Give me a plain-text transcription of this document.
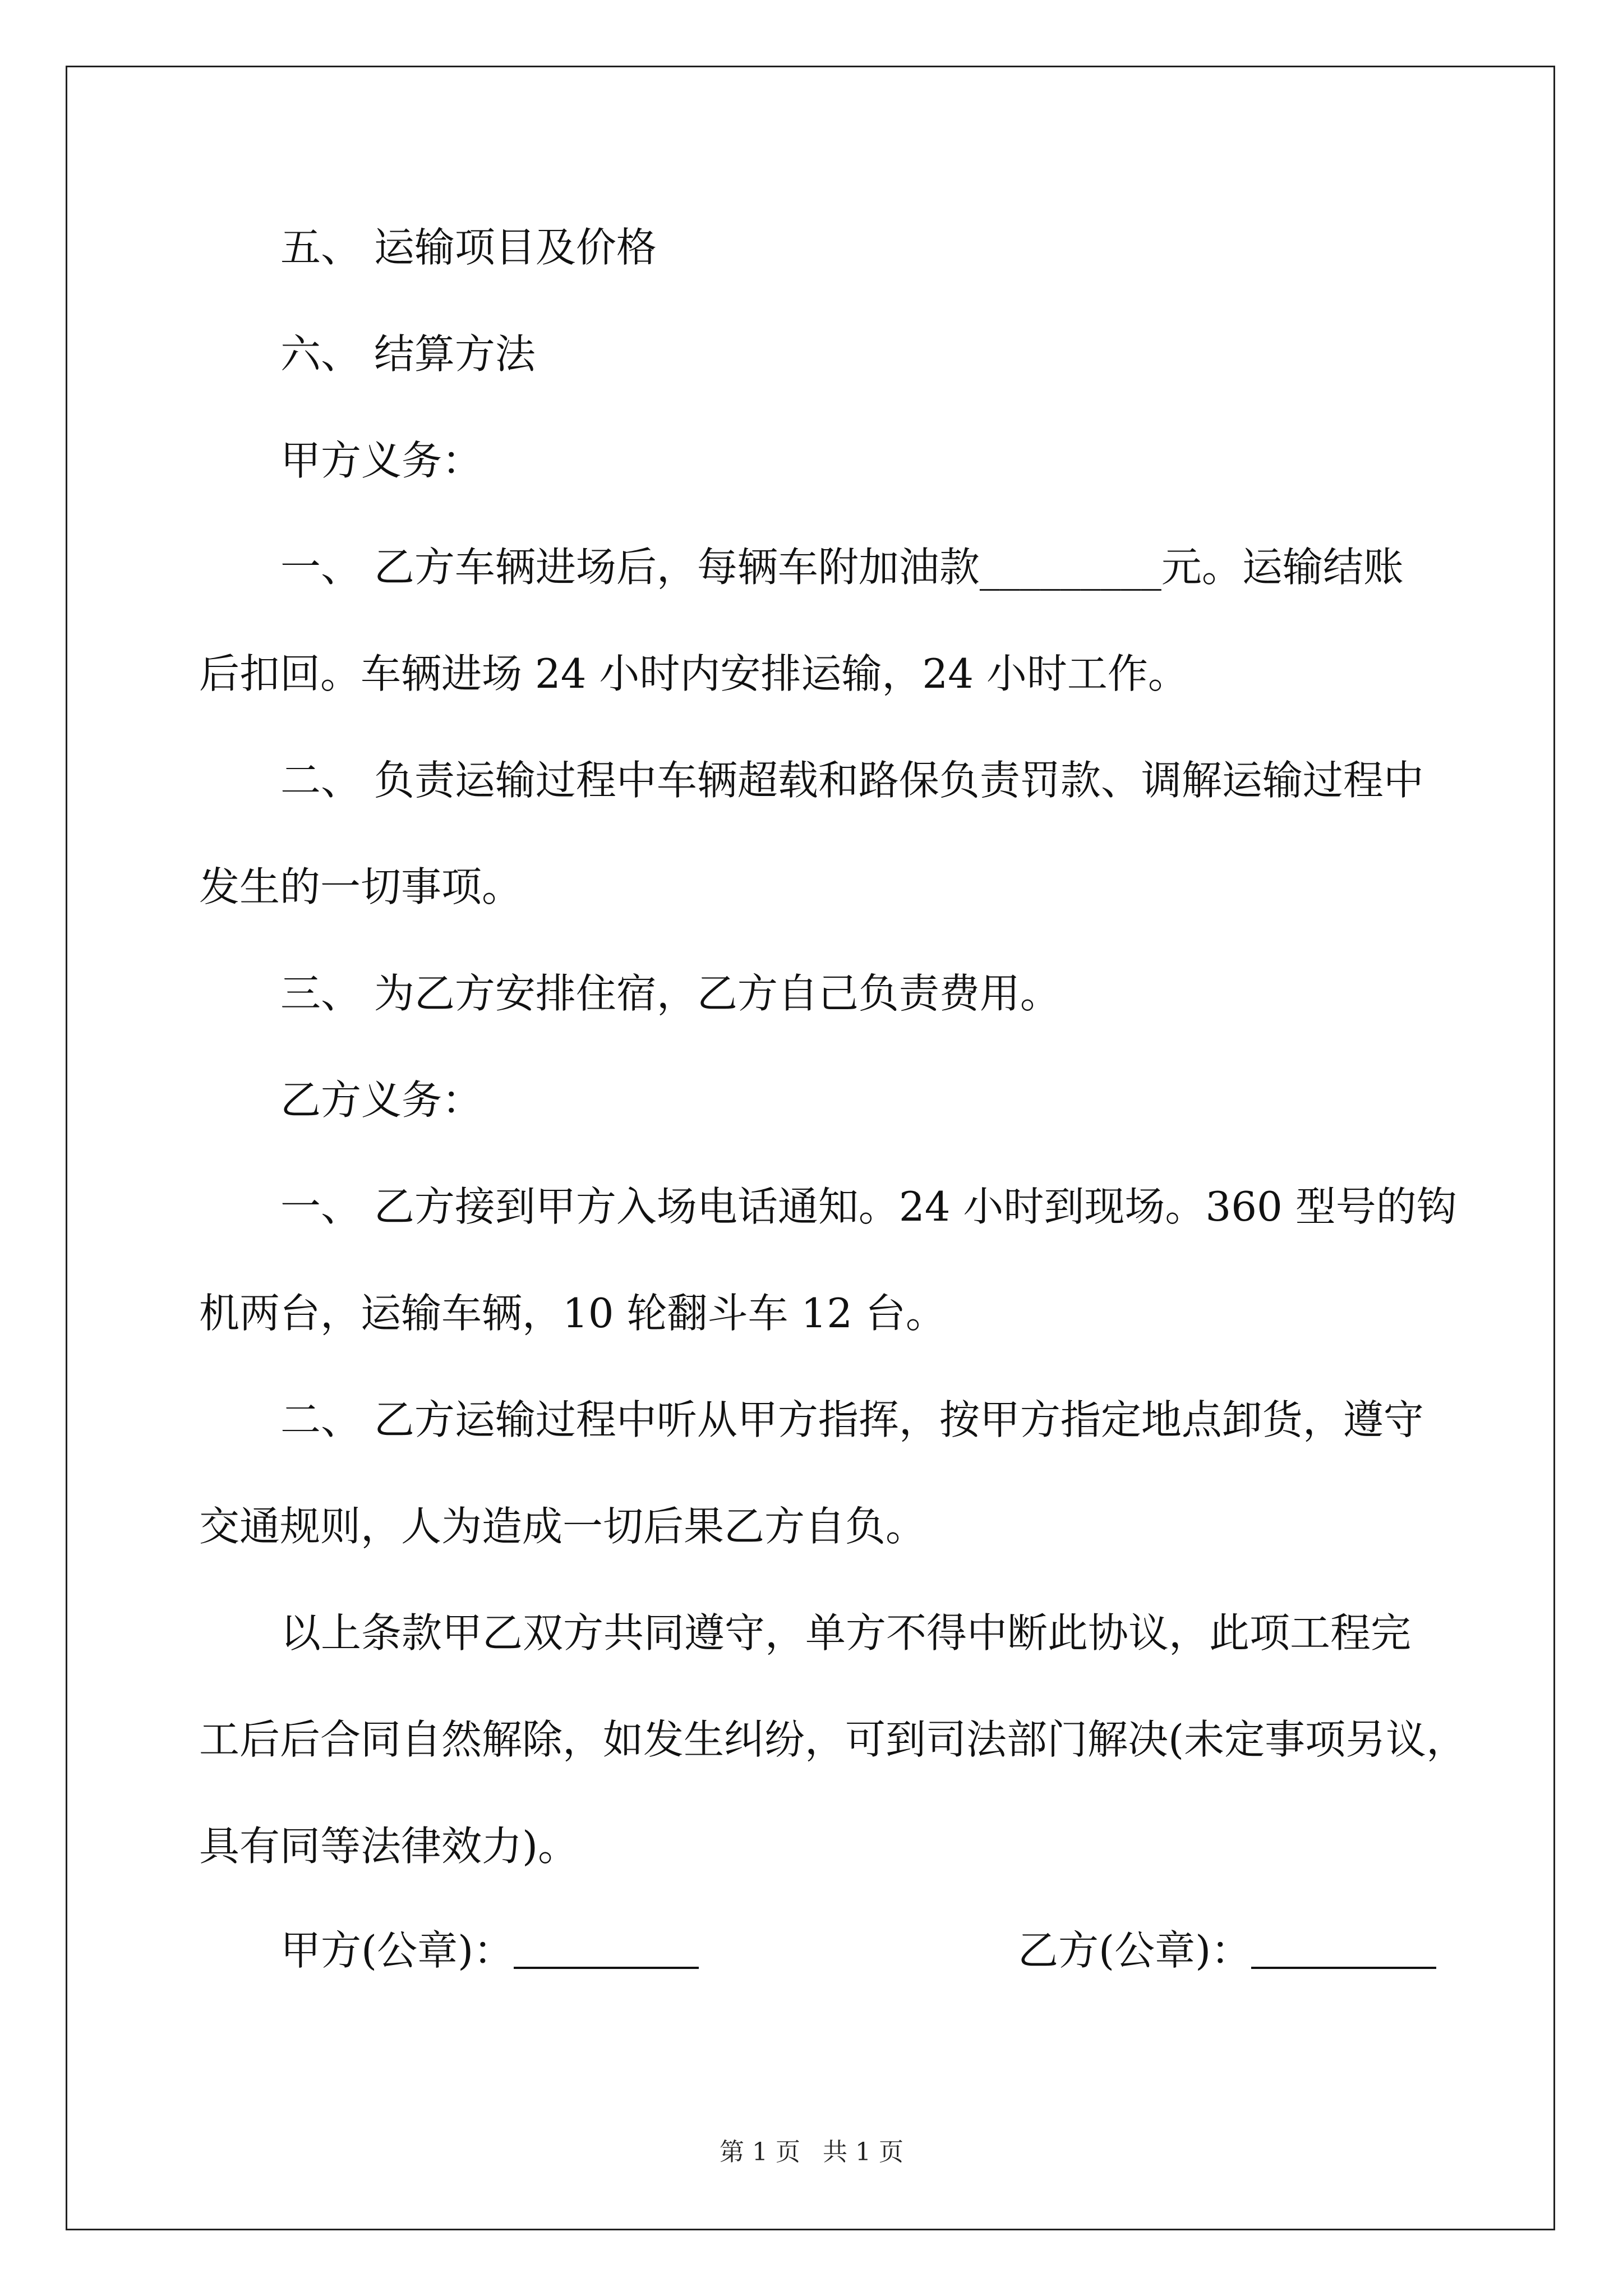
五、 运输项目及价格
六、 结算方法
甲方义务：
一、 乙方车辆进场后，每辆车附加油款_________元。运输结账
后扣回。车辆进场 24 小时内安排运输，24 小时工作。
二、 负责运输过程中车辆超载和路保负责罚款、调解运输过程中
发生的一切事项。
三、 为乙方安排住宿，乙方自己负责费用。
乙方义务：
一、 乙方接到甲方入场电话通知。24 小时到现场。360 型号的钩
机两台，运输车辆，10 轮翻斗车 12 台。
二、 乙方运输过程中听从甲方指挥，按甲方指定地点卸货，遵守
交通规则，人为造成一切后果乙方自负。
以上条款甲乙双方共同遵守，单方不得中断此协议，此项工程完
工后后合同自然解除，如发生纠纷，可到司法部门解决(未定事项另议，
具有同等法律效力)。
甲方(公章)：	乙方(公章)：
第 1 页 共 1 页
